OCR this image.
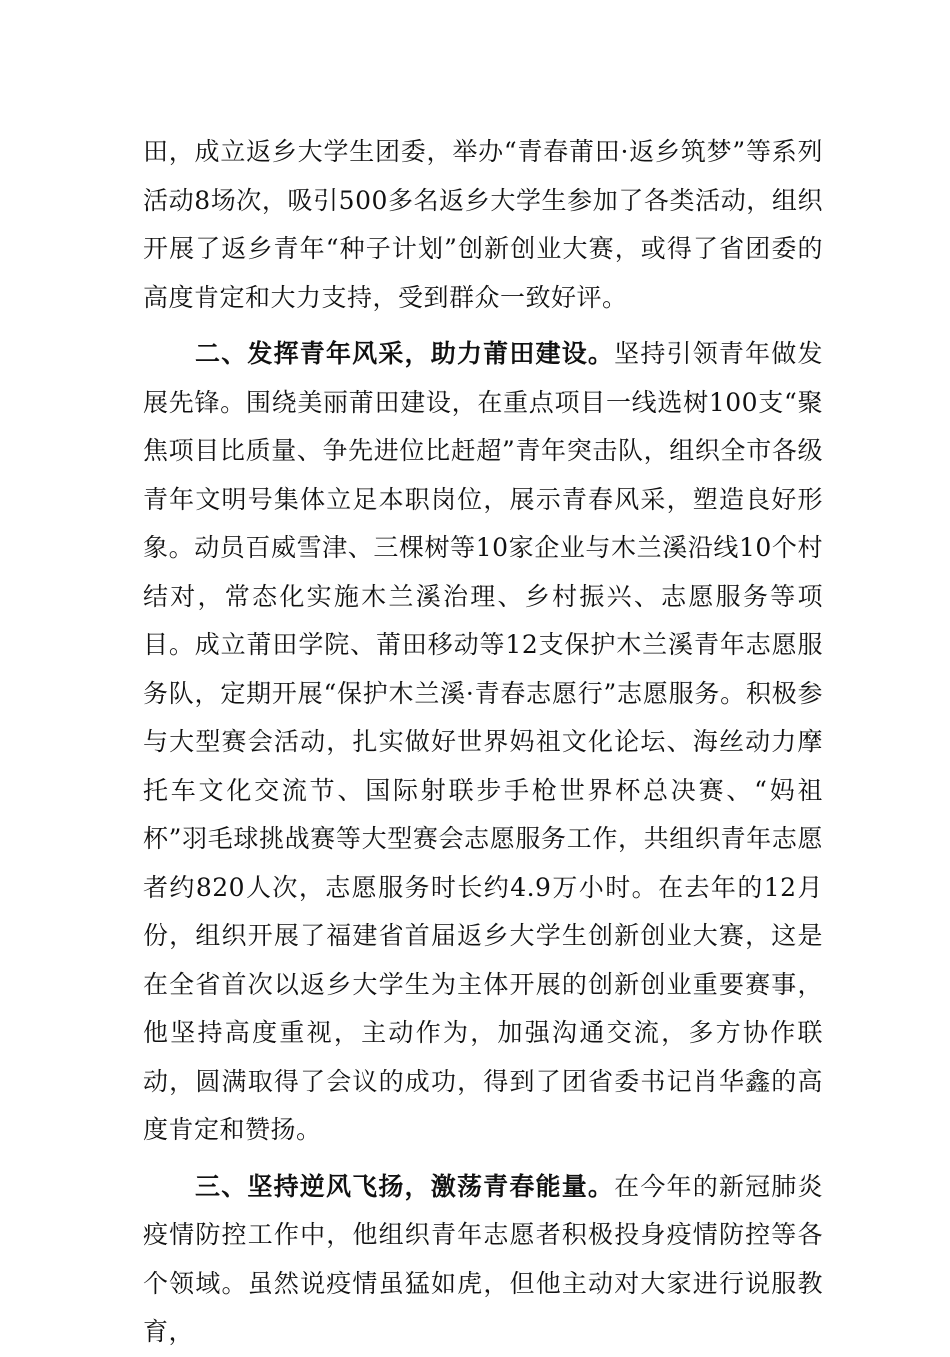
田，成立返乡大学生团委，举办“青春莆田·返乡筑梦”等系列活动8场次，吸引500多名返乡大学生参加了各类活动，组织开展了返乡青年“种子计划”创新创业大赛，或得了省团委的高度肯定和大力支持，受到群众一致好评。

二、发挥青年风采，助力莆田建设。坚持引领青年做发展先锋。围绕美丽莆田建设，在重点项目一线选树100支“聚焦项目比质量、争先进位比赶超”青年突击队，组织全市各级青年文明号集体立足本职岗位，展示青春风采，塑造良好形象。动员百威雪津、三棵树等10家企业与木兰溪沿线10个村结对，常态化实施木兰溪治理、乡村振兴、志愿服务等项目。成立莆田学院、莆田移动等12支保护木兰溪青年志愿服务队，定期开展“保护木兰溪·青春志愿行”志愿服务。积极参与大型赛会活动，扎实做好世界妈祖文化论坛、海丝动力摩托车文化交流节、国际射联步手枪世界杯总决赛、“妈祖杯”羽毛球挑战赛等大型赛会志愿服务工作，共组织青年志愿者约820人次，志愿服务时长约4.9万小时。在去年的12月份，组织开展了福建省首届返乡大学生创新创业大赛，这是在全省首次以返乡大学生为主体开展的创新创业重要赛事，他坚持高度重视，主动作为，加强沟通交流，多方协作联动，圆满取得了会议的成功，得到了团省委书记肖华鑫的高度肯定和赞扬。

三、坚持逆风飞扬，激荡青春能量。在今年的新冠肺炎疫情防控工作中，他组织青年志愿者积极投身疫情防控等各个领域。虽然说疫情虽猛如虎，但他主动对大家进行说服教育，
